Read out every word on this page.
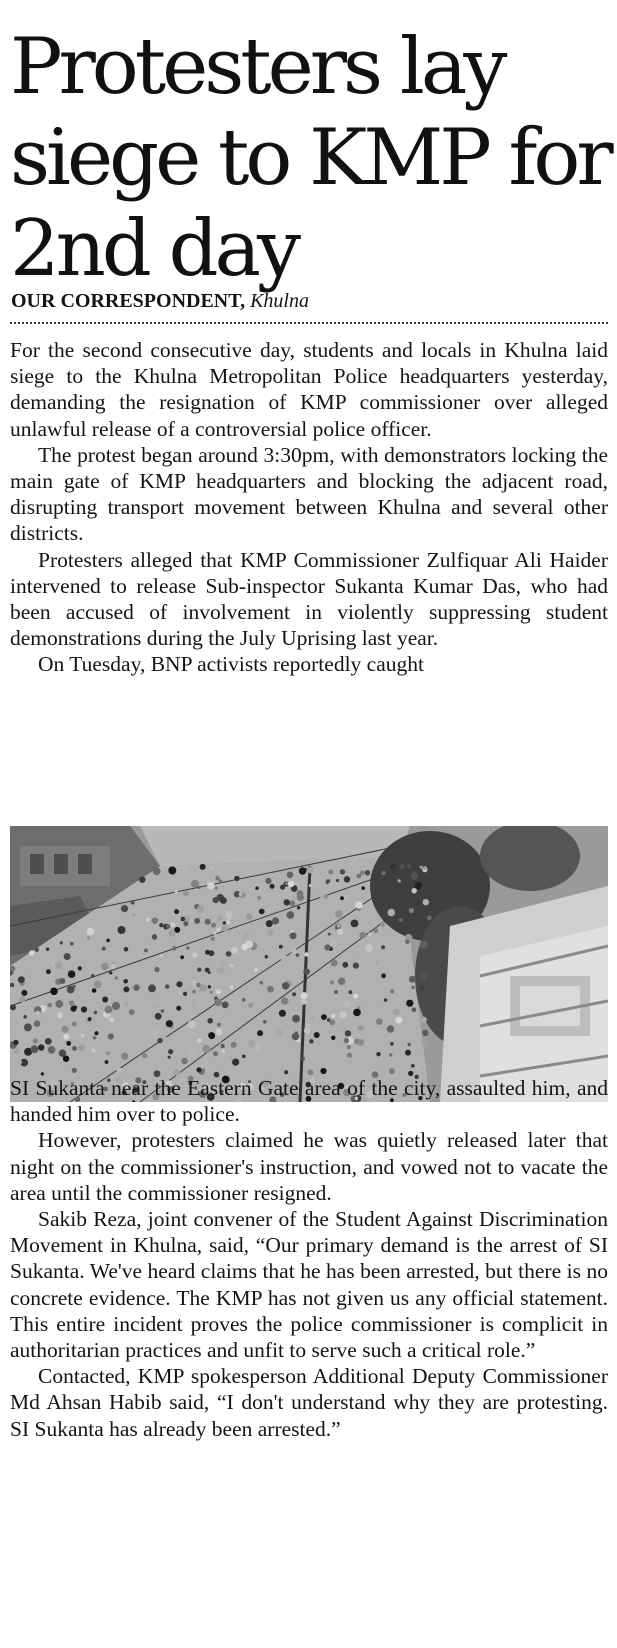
Protesters lay siege to KMP for 2nd day
OUR CORRESPONDENT, Khulna

For the second consecutive day, students and locals in Khulna laid siege to the Khulna Metropolitan Police headquarters yesterday, demanding the resignation of KMP commissioner over alleged unlawful release of a controversial police officer.

The protest began around 3:30pm, with demonstrators locking the main gate of KMP headquarters and blocking the adjacent road, disrupting transport movement between Khulna and several other districts.

Protesters alleged that KMP Commissioner Zulfiquar Ali Haider intervened to release Sub-inspector Sukanta Kumar Das, who had been accused of involvement in violently suppressing student demonstrations during the July Uprising last year.

On Tuesday, BNP activists reportedly caught

SI Sukanta near the Eastern Gate area of the city, assaulted him, and handed him over to police.

However, protesters claimed he was quietly released later that night on the commissioner's instruction, and vowed not to vacate the area until the commissioner resigned.

Sakib Reza, joint convener of the Student Against Discrimination Movement in Khulna, said, “Our primary demand is the arrest of SI Sukanta. We've heard claims that he has been arrested, but there is no concrete evidence. The KMP has not given us any official statement. This entire incident proves the police commissioner is complicit in authoritarian practices and unfit to serve such a critical role.”

Contacted, KMP spokesperson Additional Deputy Commissioner Md Ahsan Habib said, “I don't understand why they are protesting. SI Sukanta has already been arrested.”
